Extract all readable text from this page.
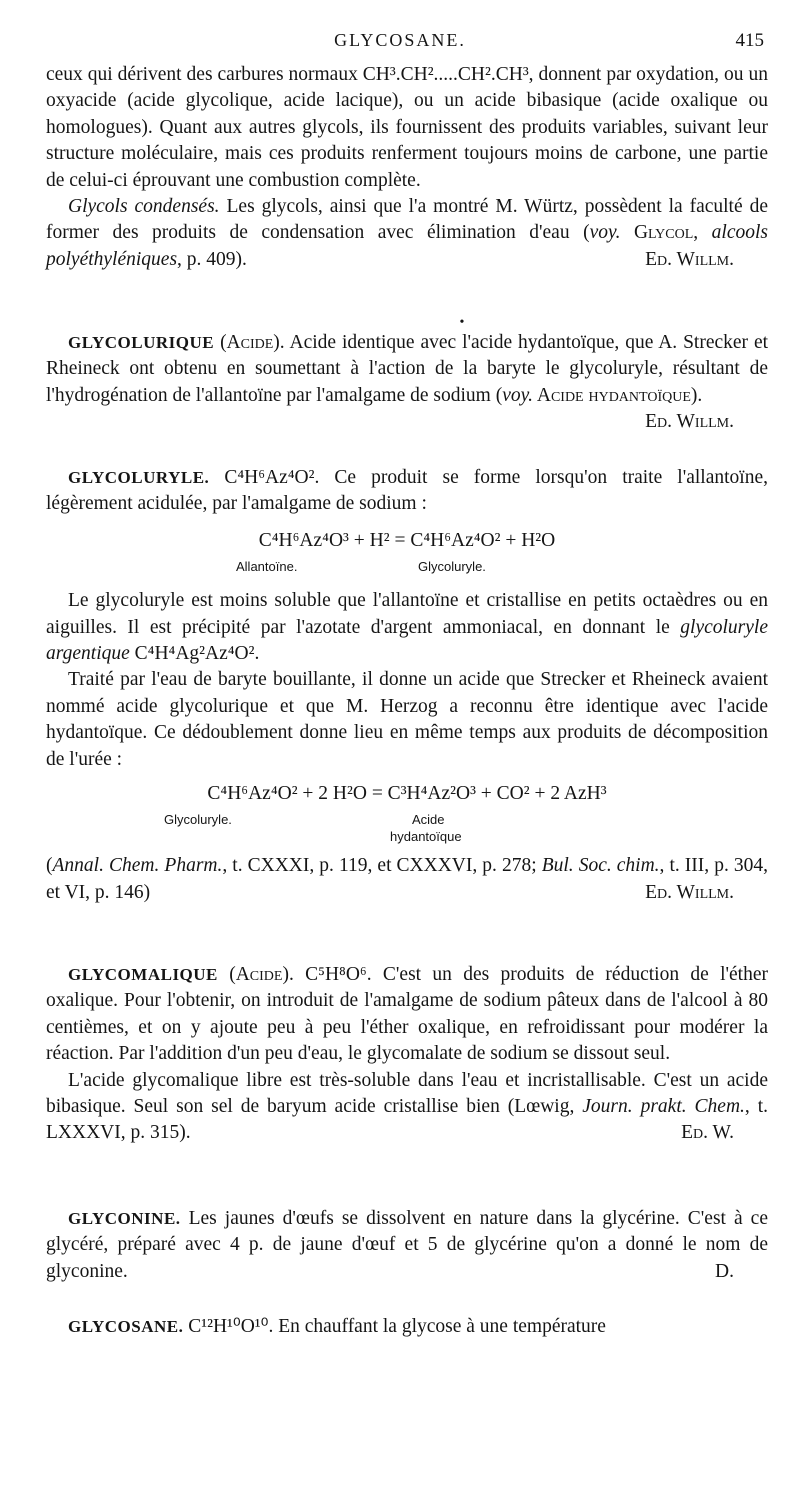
GLYCOSANE.	415

ceux qui dérivent des carbures normaux CH³.CH².....CH².CH³, donnent par oxydation, ou un oxyacide (acide glycolique, acide lacique), ou un acide bibasique (acide oxalique ou homologues). Quant aux autres glycols, ils fournissent des produits variables, suivant leur structure moléculaire, mais ces produits renferment toujours moins de carbone, une partie de celui-ci éprouvant une combustion complète.

Glycols condensés. Les glycols, ainsi que l'a montré M. Würtz, possèdent la faculté de former des produits de condensation avec élimination d'eau (voy. Glycol, alcools polyéthyléniques, p. 409).	Ed. Willm.

•

GLYCOLURIQUE (Acide). Acide identique avec l'acide hydantoïque, que A. Strecker et Rheineck ont obtenu en soumettant à l'action de la baryte le glycoluryle, résultant de l'hydrogénation de l'allantoïne par l'amalgame de sodium (voy. Acide hydantoïque).
Ed. Willm.

GLYCOLURYLE. C⁴H⁶Az⁴O². Ce produit se forme lorsqu'on traite l'allantoïne, légèrement acidulée, par l'amalgame de sodium :

C⁴H⁶Az⁴O³ + H² = C⁴H⁶Az⁴O² + H²O
Allantoïne.	Glycoluryle.

Le glycoluryle est moins soluble que l'allantoïne et cristallise en petits octaèdres ou en aiguilles. Il est précipité par l'azotate d'argent ammoniacal, en donnant le glycoluryle argentique C⁴H⁴Ag²Az⁴O².

Traité par l'eau de baryte bouillante, il donne un acide que Strecker et Rheineck avaient nommé acide glycolurique et que M. Herzog a reconnu être identique avec l'acide hydantoïque. Ce dédoublement donne lieu en même temps aux produits de décomposition de l'urée :

C⁴H⁶Az⁴O² + 2 H²O = C³H⁴Az²O³ + CO² + 2 AzH³
Glycoluryle.	Acide
hydantoïque

(Annal. Chem. Pharm., t. CXXXI, p. 119, et CXXXVI, p. 278; Bul. Soc. chim., t. III, p. 304, et VI, p. 146)	Ed. Willm.

GLYCOMALIQUE (Acide). C⁵H⁸O⁶. C'est un des produits de réduction de l'éther oxalique. Pour l'obtenir, on introduit de l'amalgame de sodium pâteux dans de l'alcool à 80 centièmes, et on y ajoute peu à peu l'éther oxalique, en refroidissant pour modérer la réaction. Par l'addition d'un peu d'eau, le glycomalate de sodium se dissout seul.

L'acide glycomalique libre est très-soluble dans l'eau et incristallisable. C'est un acide bibasique. Seul son sel de baryum acide cristallise bien (Lœwig, Journ. prakt. Chem., t. LXXXVI, p. 315).	Ed. W.

GLYCONINE. Les jaunes d'œufs se dissolvent en nature dans la glycérine. C'est à ce glycéré, préparé avec 4 p. de jaune d'œuf et 5 de glycérine qu'on a donné le nom de glyconine.	D.

GLYCOSANE. C¹²H¹⁰O¹⁰. En chauffant la glycose à une température
